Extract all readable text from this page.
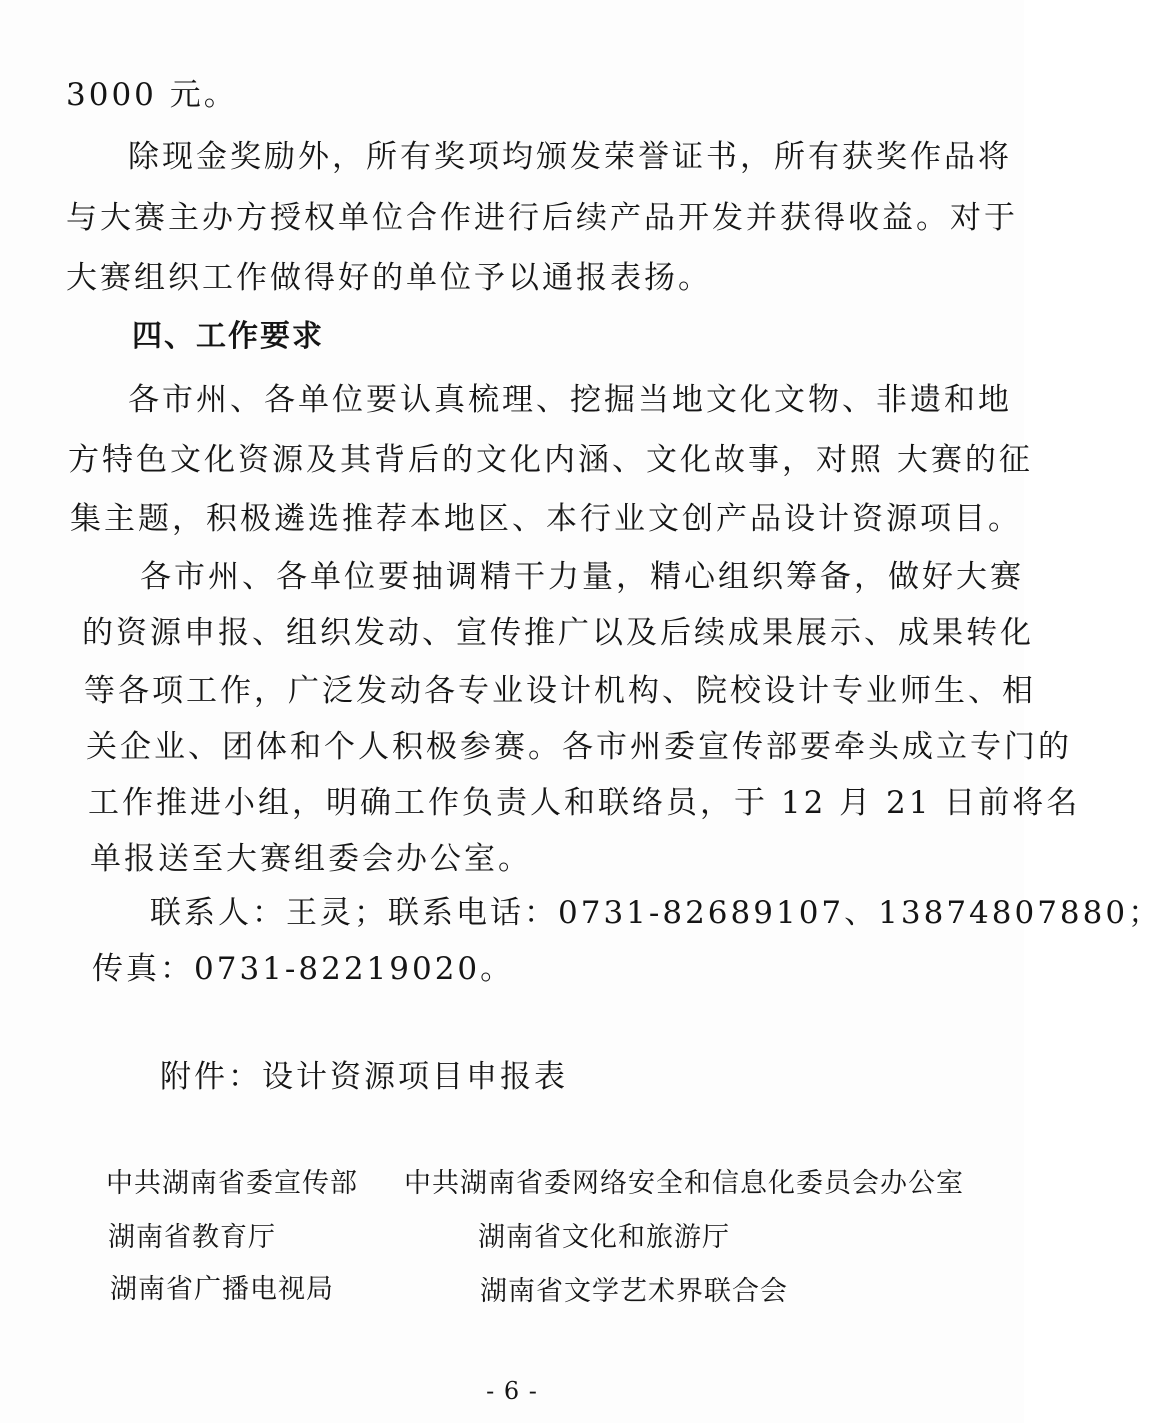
3000 元。
除现金奖励外，所有奖项均颁发荣誉证书，所有获奖作品将
与大赛主办方授权单位合作进行后续产品开发并获得收益。对于
大赛组织工作做得好的单位予以通报表扬。
四、工作要求
各市州、各单位要认真梳理、挖掘当地文化文物、非遗和地
方特色文化资源及其背后的文化内涵、文化故事，对照 大赛的征
集主题，积极遴选推荐本地区、本行业文创产品设计资源项目。
各市州、各单位要抽调精干力量，精心组织筹备，做好大赛
的资源申报、组织发动、宣传推广以及后续成果展示、成果转化
等各项工作，广泛发动各专业设计机构、院校设计专业师生、相
关企业、团体和个人积极参赛。各市州委宣传部要牵头成立专门的
工作推进小组，明确工作负责人和联络员，于 12 月 21 日前将名
单报送至大赛组委会办公室。
联系人：王灵；联系电话：0731-82689107、13874807880；
传真：0731-82219020。
附件：设计资源项目申报表
中共湖南省委宣传部 中共湖南省委网络安全和信息化委员会办公室
湖南省教育厅	湖南省文化和旅游厅
湖南省广播电视局	湖南省文学艺术界联合会
- 6 -
